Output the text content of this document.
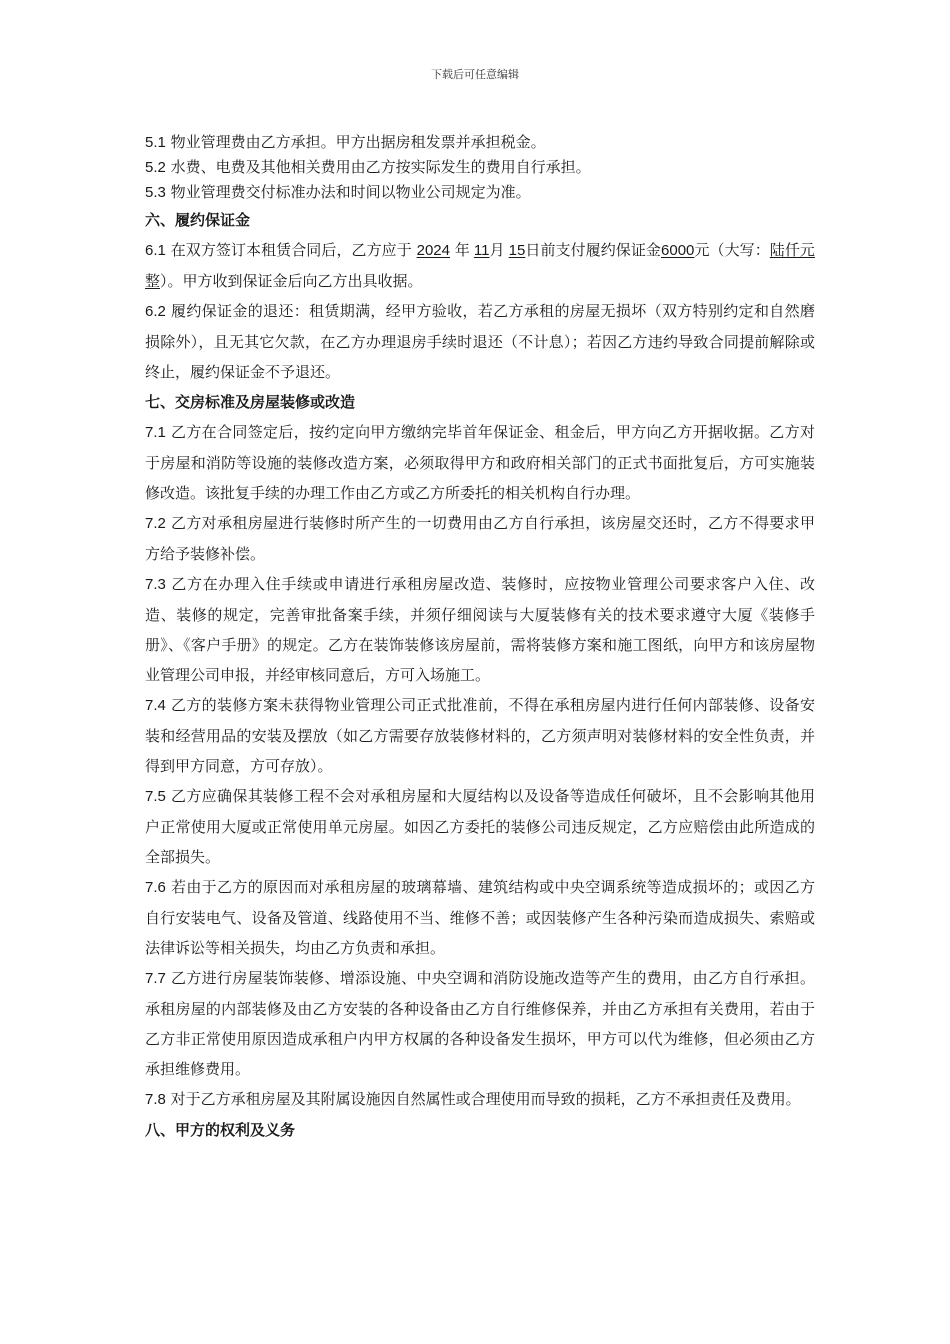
下载后可任意编辑

5.1 物业管理费由乙方承担。甲方出据房租发票并承担税金。

5.2 水费、电费及其他相关费用由乙方按实际发生的费用自行承担。

5.3 物业管理费交付标准办法和时间以物业公司规定为准。

六、履约保证金

6.1 在双方签订本租赁合同后，乙方应于 2024 年 11月 15日前支付履约保证金6000元（大写：陆仟元整）。甲方收到保证金后向乙方出具收据。

6.2 履约保证金的退还：租赁期满，经甲方验收，若乙方承租的房屋无损坏（双方特别约定和自然磨损除外），且无其它欠款，在乙方办理退房手续时退还（不计息）；若因乙方违约导致合同提前解除或终止，履约保证金不予退还。

七、交房标准及房屋装修或改造

7.1 乙方在合同签定后，按约定向甲方缴纳完毕首年保证金、租金后，甲方向乙方开据收据。乙方对于房屋和消防等设施的装修改造方案，必须取得甲方和政府相关部门的正式书面批复后，方可实施装修改造。该批复手续的办理工作由乙方或乙方所委托的相关机构自行办理。

7.2 乙方对承租房屋进行装修时所产生的一切费用由乙方自行承担，该房屋交还时，乙方不得要求甲方给予装修补偿。

7.3 乙方在办理入住手续或申请进行承租房屋改造、装修时，应按物业管理公司要求客户入住、改造、装修的规定，完善审批备案手续，并须仔细阅读与大厦装修有关的技术要求遵守大厦《装修手册》、《客户手册》的规定。乙方在装饰装修该房屋前，需将装修方案和施工图纸，向甲方和该房屋物业管理公司申报，并经审核同意后，方可入场施工。

7.4 乙方的装修方案未获得物业管理公司正式批准前，不得在承租房屋内进行任何内部装修、设备安装和经营用品的安装及摆放（如乙方需要存放装修材料的，乙方须声明对装修材料的安全性负责，并得到甲方同意，方可存放）。

7.5 乙方应确保其装修工程不会对承租房屋和大厦结构以及设备等造成任何破坏，且不会影响其他用户正常使用大厦或正常使用单元房屋。如因乙方委托的装修公司违反规定，乙方应赔偿由此所造成的全部损失。

7.6 若由于乙方的原因而对承租房屋的玻璃幕墙、建筑结构或中央空调系统等造成损坏的；或因乙方自行安装电气、设备及管道、线路使用不当、维修不善；或因装修产生各种污染而造成损失、索赔或法律诉讼等相关损失，均由乙方负责和承担。

7.7 乙方进行房屋装饰装修、增添设施、中央空调和消防设施改造等产生的费用，由乙方自行承担。承租房屋的内部装修及由乙方安装的各种设备由乙方自行维修保养，并由乙方承担有关费用，若由于乙方非正常使用原因造成承租户内甲方权属的各种设备发生损坏，甲方可以代为维修，但必须由乙方承担维修费用。

7.8 对于乙方承租房屋及其附属设施因自然属性或合理使用而导致的损耗，乙方不承担责任及费用。

八、甲方的权利及义务
